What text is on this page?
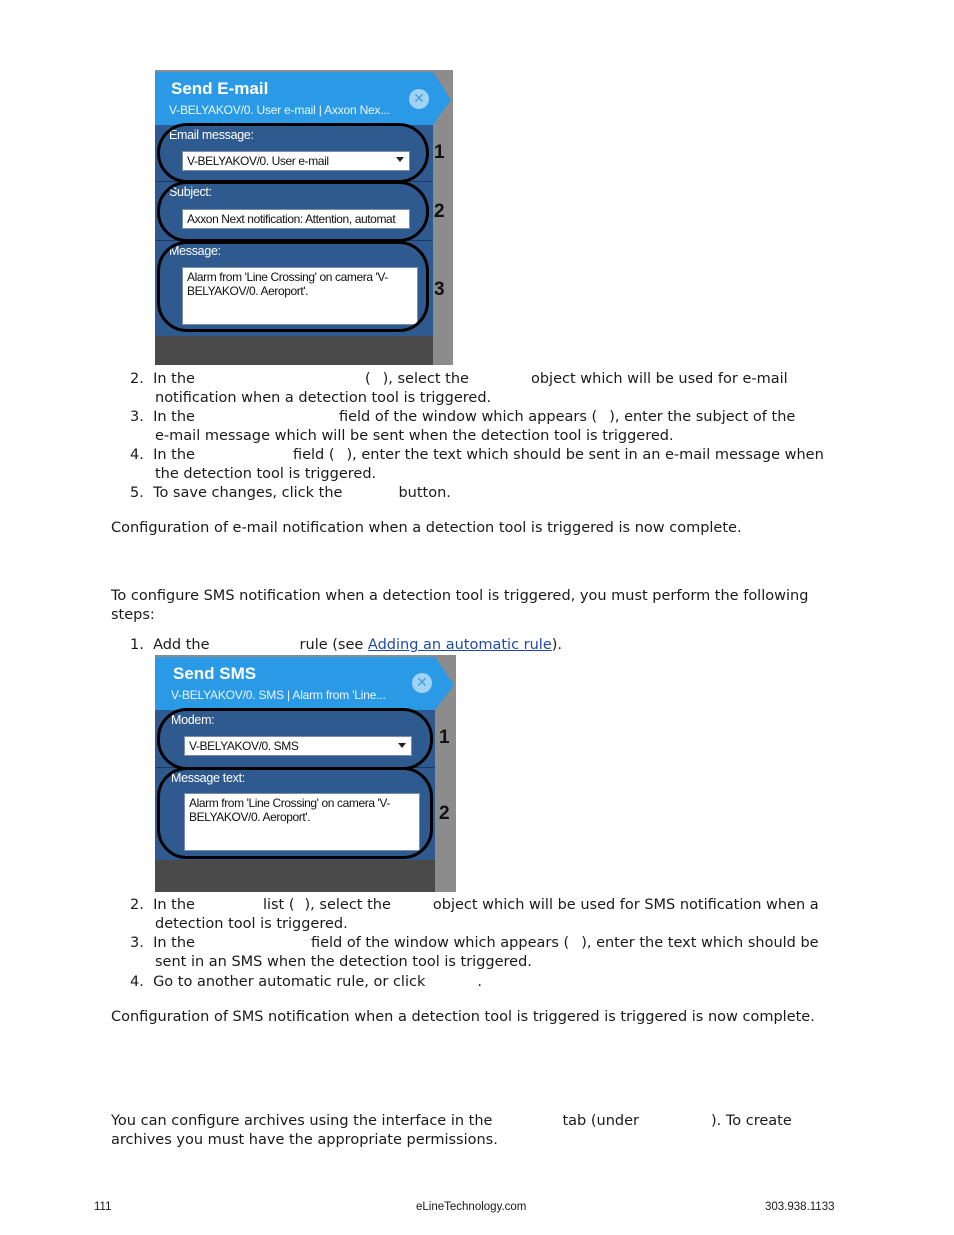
Send E-mail
V-BELYAKOV/0. User e-mail | Axxon Nex...
✕
Email message:
V-BELYAKOV/0. User e-mail
Subject:
Axxon Next notification: Attention, automat
Message:
Alarm from 'Line Crossing' on camera 'V-BELYAKOV/0. Aeroport'.
1
2
3
2. In the	( ), select the	object which will be used for e-mail
notification when a detection tool is triggered.
3. In the	field of the window which appears ( ), enter the subject of the
e-mail message which will be sent when the detection tool is triggered.
4. In the	field ( ), enter the text which should be sent in an e-mail message when
the detection tool is triggered.
5. To save changes, click the	button.
Configuration of e-mail notification when a detection tool is triggered is now complete.
To configure SMS notification when a detection tool is triggered, you must perform the following
steps:
1. Add the	rule (see Adding an automatic rule).
Send SMS
V-BELYAKOV/0. SMS | Alarm from 'Line...
✕
Modem:
V-BELYAKOV/0. SMS
Message text:
Alarm from 'Line Crossing' on camera 'V-BELYAKOV/0. Aeroport'.
1
2
2. In the	list ( ), select the	object which will be used for SMS notification when a
detection tool is triggered.
3. In the	field of the window which appears ( ), enter the text which should be
sent in an SMS when the detection tool is triggered.
4. Go to another automatic rule, or click	.
Configuration of SMS notification when a detection tool is triggered is triggered is now complete.
You can configure archives using the interface in the	tab (under	). To create
archives you must have the appropriate permissions.
111	eLineTechnology.com	303.938.1133
